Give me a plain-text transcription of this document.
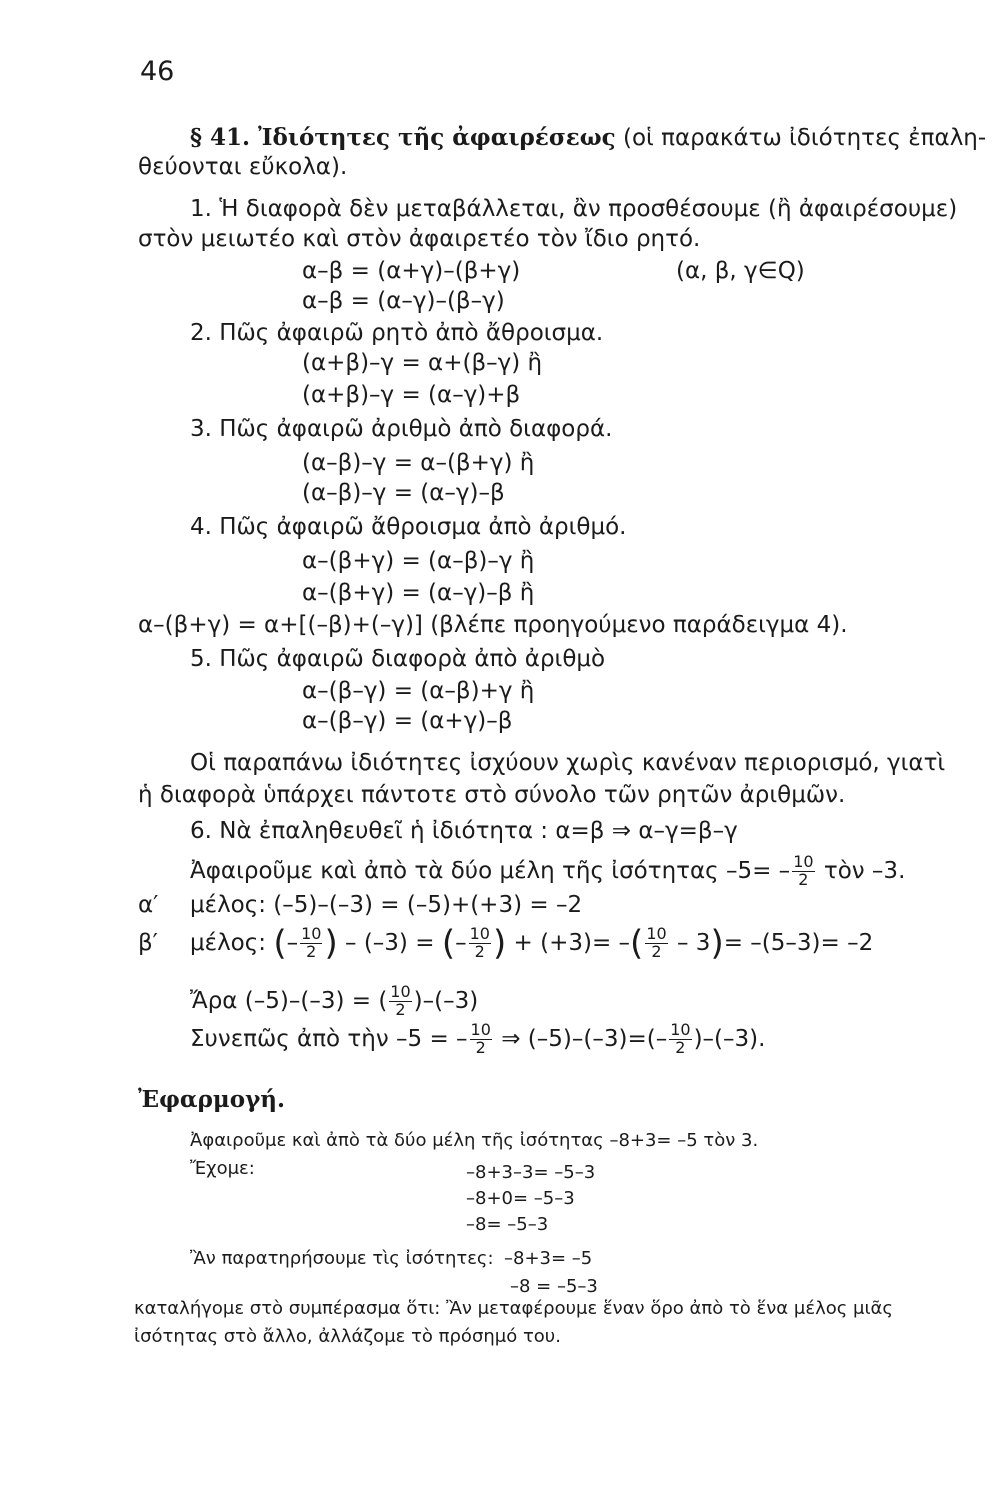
46
§ 41. Ἰδιότητες τῆς ἀφαιρέσεως (οἱ παρακάτω ἰδιότητες ἐπαλη-
θεύονται εὔκολα).
1. Ἡ διαφορὰ δὲν μεταβάλλεται, ἂν προσθέσουμε (ἢ ἀφαιρέσουμε)
στὸν μειωτέο καὶ στὸν ἀφαιρετέο τὸν ἴδιο ρητό.
α–β = (α+γ)–(β+γ)	(α, β, γ∈Q)
α–β = (α–γ)–(β–γ)
2. Πῶς ἀφαιρῶ ρητὸ ἀπὸ ἄθροισμα.
(α+β)–γ = α+(β–γ) ἢ
(α+β)–γ = (α–γ)+β
3. Πῶς ἀφαιρῶ ἀριθμὸ ἀπὸ διαφορά.
(α–β)–γ = α–(β+γ) ἢ
(α–β)–γ = (α–γ)–β
4. Πῶς ἀφαιρῶ ἄθροισμα ἀπὸ ἀριθμό.
α–(β+γ) = (α–β)–γ ἢ
α–(β+γ) = (α–γ)–β ἢ
α–(β+γ) = α+[(–β)+(–γ)] (βλέπε προηγούμενο παράδειγμα 4).
5. Πῶς ἀφαιρῶ διαφορὰ ἀπὸ ἀριθμὸ
α–(β–γ) = (α–β)+γ ἢ
α–(β–γ) = (α+γ)–β
Οἱ παραπάνω ἰδιότητες ἰσχύουν χωρὶς κανέναν περιορισμό, γιατὶ
ἡ διαφορὰ ὑπάρχει πάντοτε στὸ σύνολο τῶν ρητῶν ἀριθμῶν.
6. Νὰ ἐπαληθευθεῖ ἡ ἰδιότητα : α=β ⇒ α–γ=β–γ
Ἀφαιροῦμε καὶ ἀπὸ τὰ δύο μέλη τῆς ἰσότητας $-5= - \frac{10}{2}$ τὸν –3.
α′ μέλος: (–5)–(–3) = (–5)+(+3) = –2
β′ μέλος: (– $\frac{10}{2}$ ) – (–3) = (– $\frac{10}{2}$ ) + (+3)= –( $\frac{10}{2} - 3)= -(5-3)= -2$
Ἄρα (–5)–(–3) = ( $\frac{10}{2} )-(-3)$
Συνεπῶς ἀπὸ τὴν –5 = – $\frac{10}{2}$ ⇒ $(-5)-(-3)=(- \frac{10}{2} )-(-3)$.
Ἐφαρμογή.
Ἀφαιροῦμε καὶ ἀπὸ τὰ δύο μέλη τῆς ἰσότητας –8+3= –5 τὸν 3.
Ἔχομε:	–8+3–3= –5–3
–8+0= –5–3
–8= –5–3
Ἂν παρατηρήσουμε τὶς ἰσότητες: –8+3= –5
–8 = –5–3
καταλήγομε στὸ συμπέρασμα ὅτι: Ἂν μεταφέρουμε ἕναν ὅρο ἀπὸ τὸ ἕνα μέλος μιᾶς
ἰσότητας στὸ ἄλλο, ἀλλάζομε τὸ πρόσημό του.
